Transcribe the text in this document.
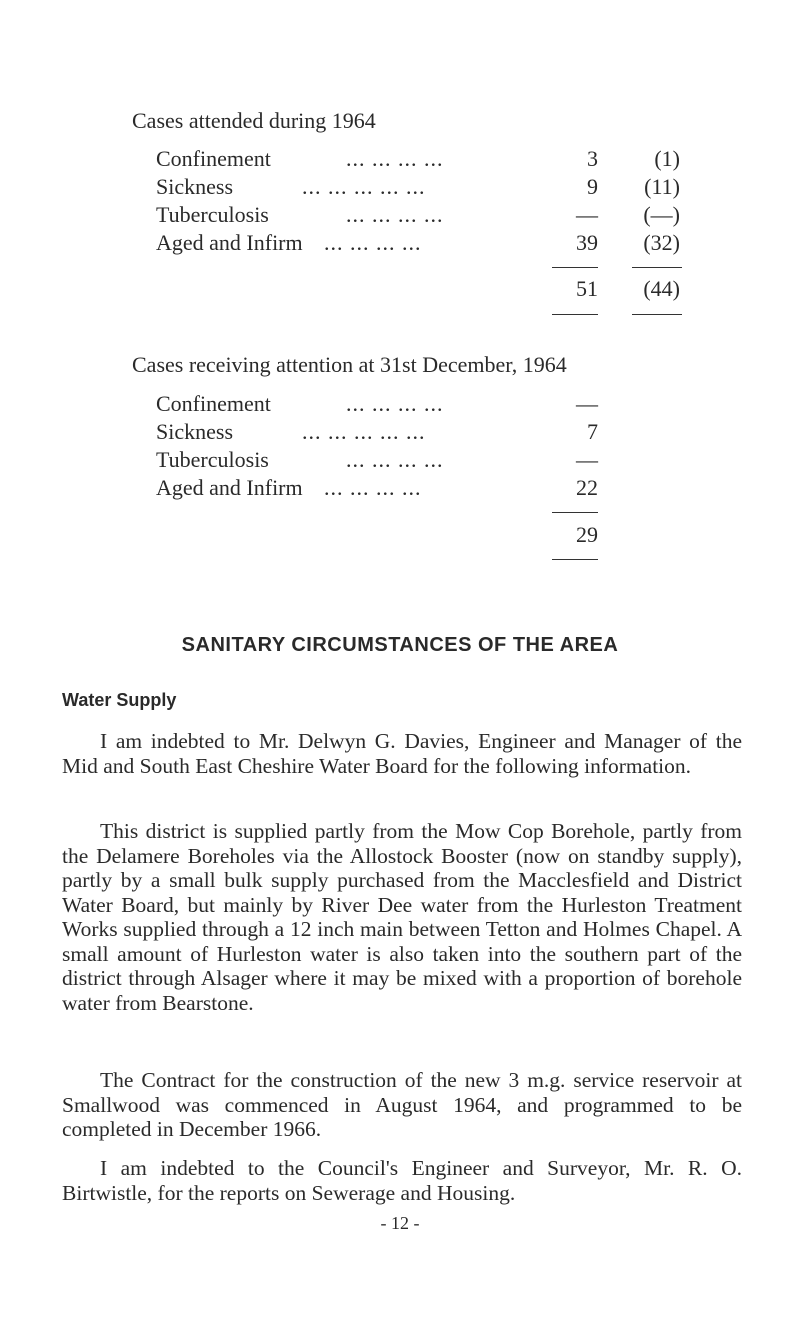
Cases attended during 1964
Confinement	... ... ... ...	3	(1)
Sickness	... ... ... ... ...	9	(11)
Tuberculosis	... ... ... ...	—	(—)
Aged and Infirm ... ... ... ...	39	(32)
51	(44)
Cases receiving attention at 31st December, 1964
Confinement	... ... ... ...	—
Sickness	... ... ... ... ...	7
Tuberculosis	... ... ... ...	—
Aged and Infirm ... ... ... ...	22
29
SANITARY CIRCUMSTANCES OF THE AREA
Water Supply
I am indebted to Mr. Delwyn G. Davies, Engineer and Manager of the Mid and South East Cheshire Water Board for the following information.
This district is supplied partly from the Mow Cop Borehole, partly from the Delamere Boreholes via the Allostock Booster (now on standby supply), partly by a small bulk supply purchased from the Macclesfield and District Water Board, but mainly by River Dee water from the Hurleston Treatment Works supplied through a 12 inch main between Tetton and Holmes Chapel. A small amount of Hurleston water is also taken into the southern part of the district through Alsager where it may be mixed with a proportion of borehole water from Bearstone.
The Contract for the construction of the new 3 m.g. service reservoir at Smallwood was commenced in August 1964, and programmed to be completed in December 1966.
I am indebted to the Council's Engineer and Surveyor, Mr. R. O. Birtwistle, for the reports on Sewerage and Housing.
- 12 -
